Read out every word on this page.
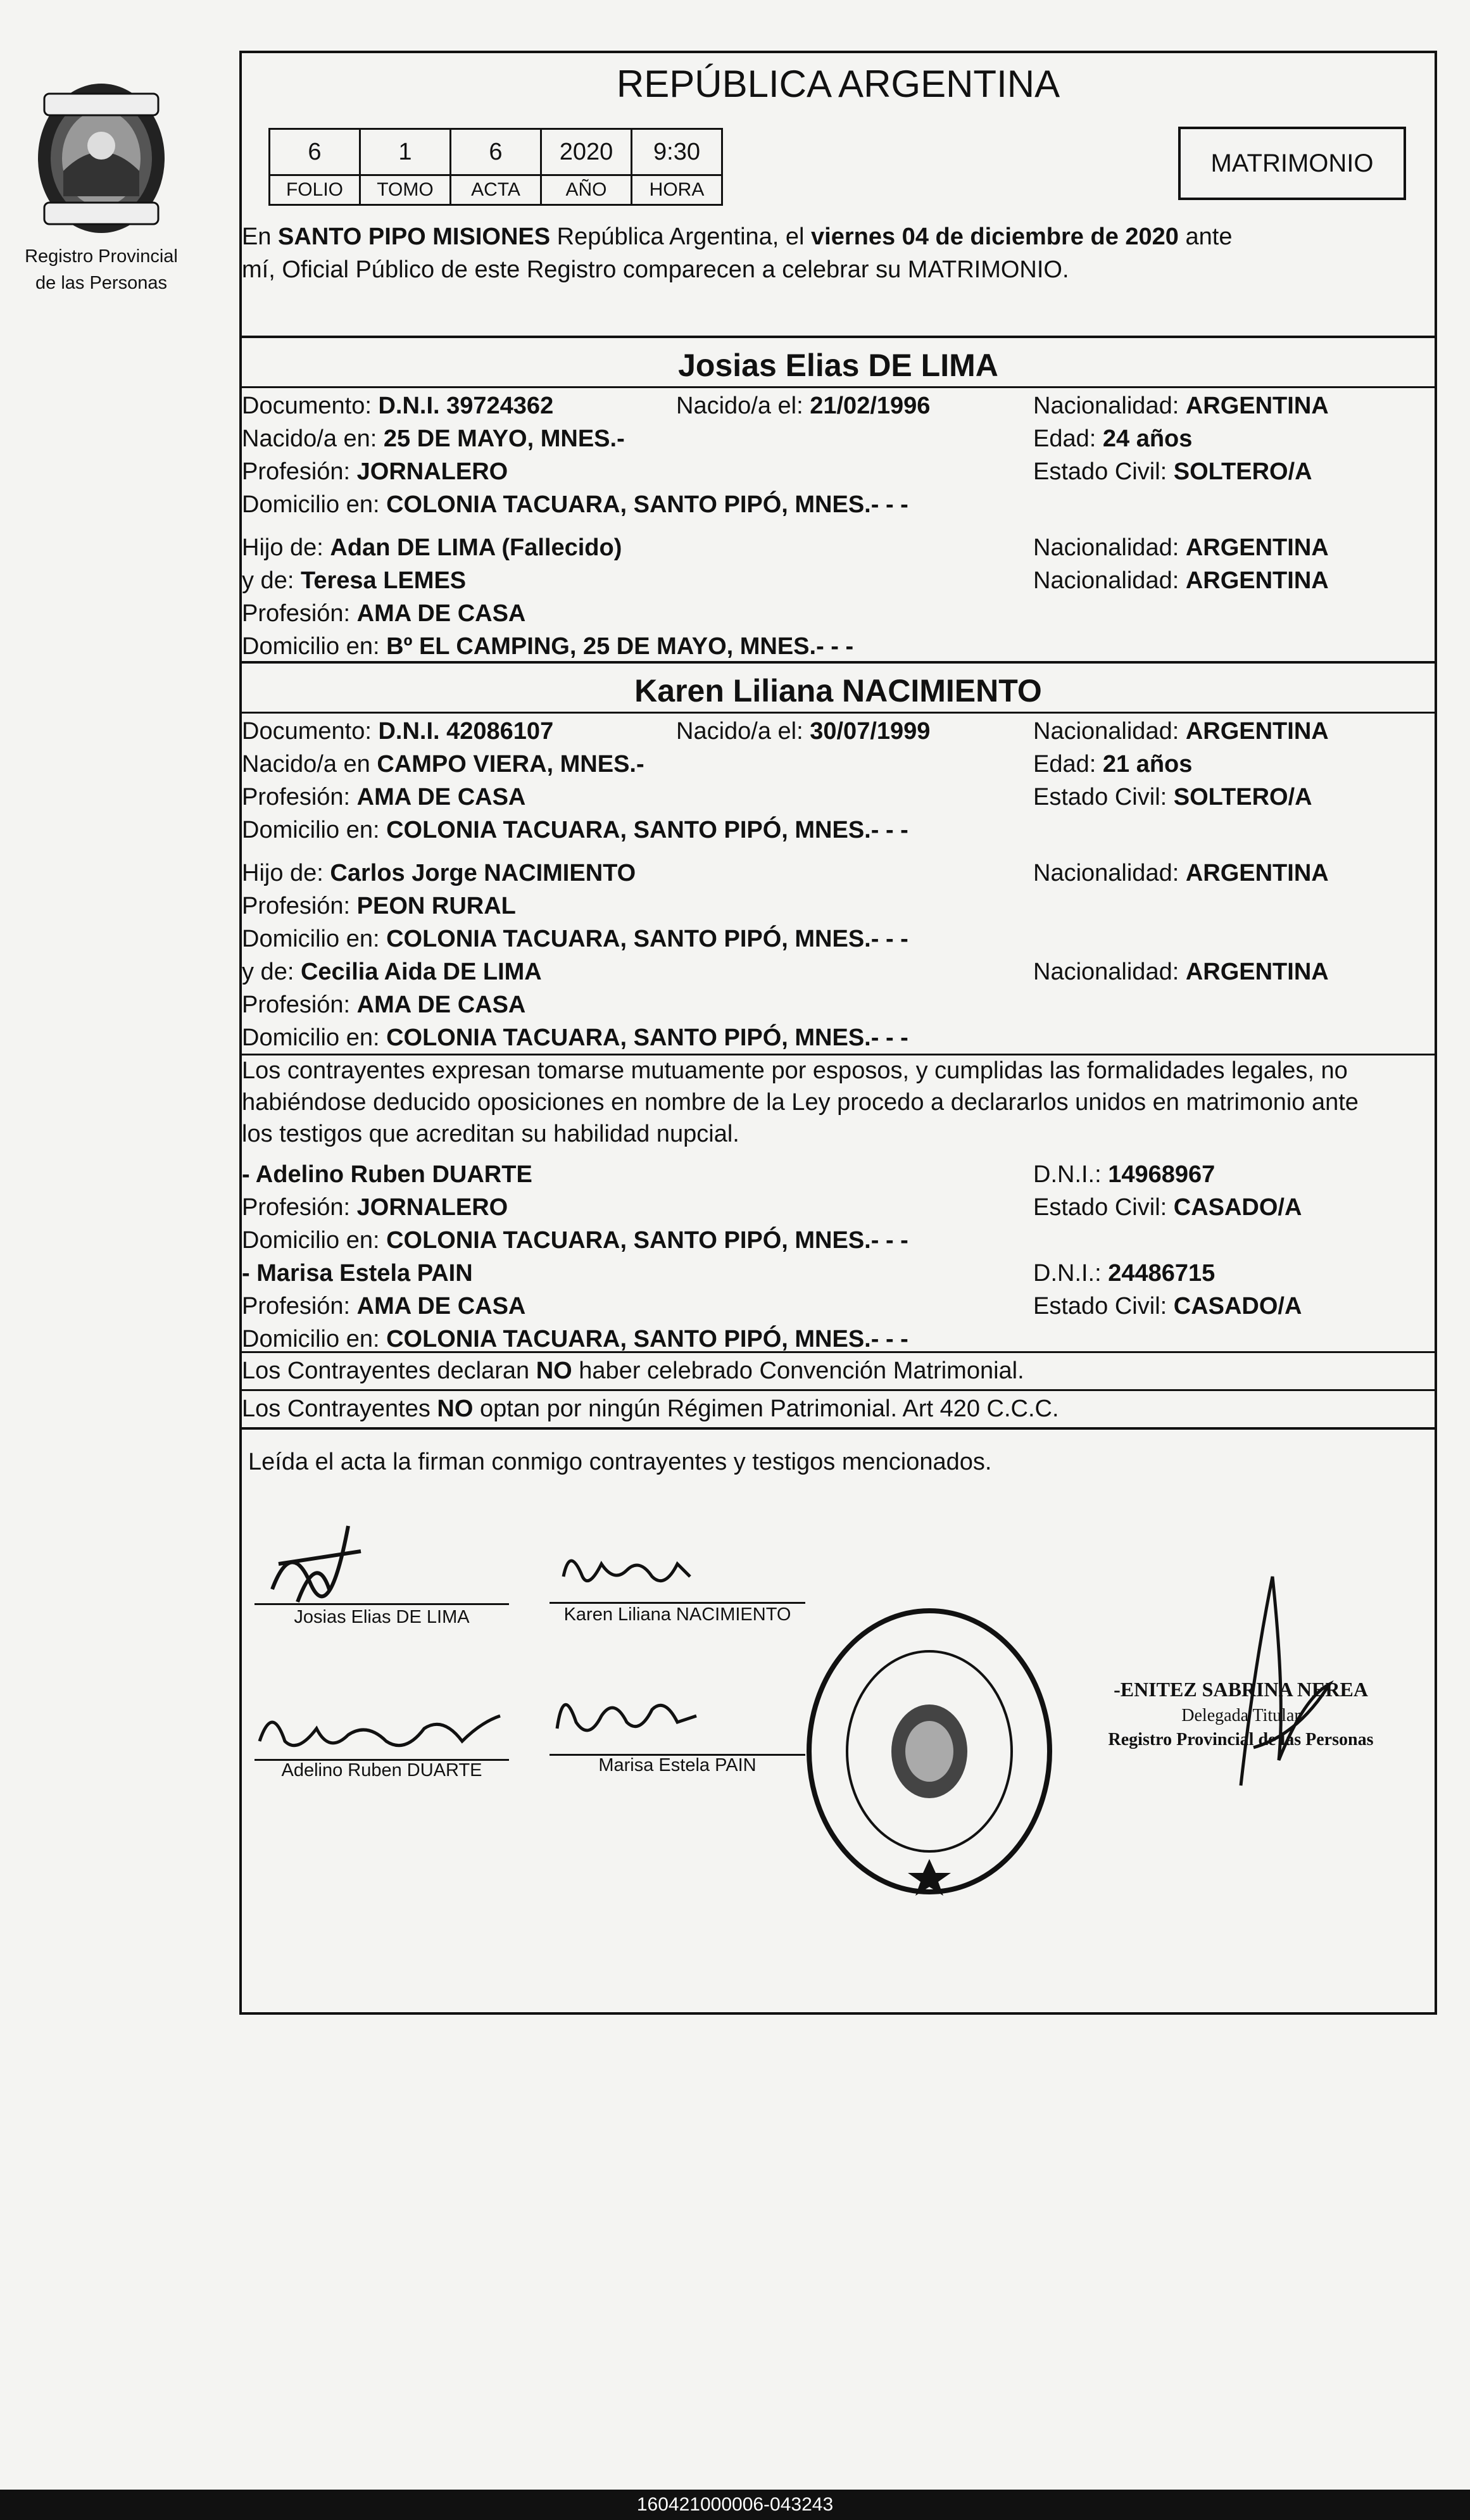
Registro Provincial
de las Personas
REPÚBLICA ARGENTINA
6	1	6	2020	9:30
FOLIO	TOMO	ACTA	AÑO	HORA
MATRIMONIO
En SANTO PIPO MISIONES República Argentina, el viernes 04 de diciembre de 2020 ante
mí, Oficial Público de este Registro comparecen a celebrar su MATRIMONIO.
Josias Elias DE LIMA
Documento: D.N.I. 39724362	Nacido/a el: 21/02/1996	Nacionalidad: ARGENTINA
Nacido/a en: 25 DE MAYO, MNES.-	Edad: 24 años
Profesión: JORNALERO	Estado Civil: SOLTERO/A
Domicilio en: COLONIA TACUARA, SANTO PIPÓ, MNES.- - -
Hijo de: Adan DE LIMA (Fallecido)	Nacionalidad: ARGENTINA
y de: Teresa LEMES	Nacionalidad: ARGENTINA
Profesión: AMA DE CASA
Domicilio en: Bº EL CAMPING, 25 DE MAYO, MNES.- - -
Karen Liliana NACIMIENTO
Documento: D.N.I. 42086107	Nacido/a el: 30/07/1999	Nacionalidad: ARGENTINA
Nacido/a en CAMPO VIERA, MNES.-	Edad: 21 años
Profesión: AMA DE CASA	Estado Civil: SOLTERO/A
Domicilio en: COLONIA TACUARA, SANTO PIPÓ, MNES.- - -
Hijo de: Carlos Jorge NACIMIENTO	Nacionalidad: ARGENTINA
Profesión: PEON RURAL
Domicilio en: COLONIA TACUARA, SANTO PIPÓ, MNES.- - -
y de: Cecilia Aida DE LIMA	Nacionalidad: ARGENTINA
Profesión: AMA DE CASA
Domicilio en: COLONIA TACUARA, SANTO PIPÓ, MNES.- - -
Los contrayentes expresan tomarse mutuamente por esposos, y cumplidas las formalidades legales, no
habiéndose deducido oposiciones en nombre de la Ley procedo a declararlos unidos en matrimonio ante
los testigos que acreditan su habilidad nupcial.
- Adelino Ruben DUARTE	D.N.I.: 14968967
Profesión: JORNALERO	Estado Civil: CASADO/A
Domicilio en: COLONIA TACUARA, SANTO PIPÓ, MNES.- - -
- Marisa Estela PAIN	D.N.I.: 24486715
Profesión: AMA DE CASA	Estado Civil: CASADO/A
Domicilio en: COLONIA TACUARA, SANTO PIPÓ, MNES.- - -
Los Contrayentes declaran NO haber celebrado Convención Matrimonial.
Los Contrayentes NO optan por ningún Régimen Patrimonial. Art 420 C.C.C.
Leída el acta la firman conmigo contrayentes y testigos mencionados.
Josias Elias DE LIMA	Karen Liliana NACIMIENTO
Adelino Ruben DUARTE	Marisa Estela PAIN
-ENITEZ SABRINA NEREA
Delegada Titular
Registro Provincial de las Personas
160421000006-043243
